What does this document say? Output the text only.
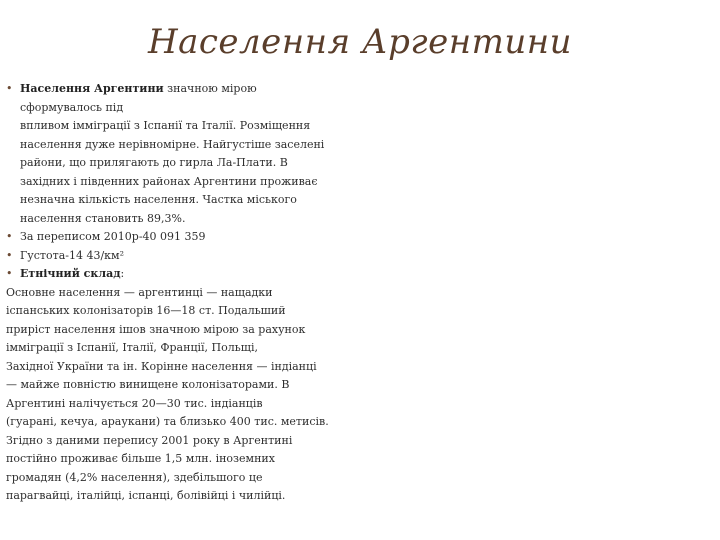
Населення Аргентини
• Населення Аргентини значною мірою
сформувалось під
впливом імміграції з Іспанії та Італії. Розміщення
населення дуже нерівномірне. Найгустіше заселені
райони, що прилягають до гирла Ла-Плати. В
західних і південних районах Аргентини проживає
незначна кількість населення. Частка міського
населення становить 89,3%.
• За переписом 2010р-40 091 359
• Густота-14 43/км²
• Етнічний склад:
Основне населення — аргентинці — нащадки
іспанських колонізаторів 16—18 ст. Подальший
приріст населення ішов значною мірою за рахунок
імміграції з Іспанії, Італії, Франції, Польщі,
Західної України та ін. Корінне населення — індіанці
— майже повністю винищене колонізаторами. В
Аргентині налічується 20—30 тис. індіанців
(гуарані, кечуа, араукани) та близько 400 тис. метисів.
Згідно з даними перепису 2001 року в Аргентині
постійно проживає більше 1,5 млн. іноземних
громадян (4,2% населення), здебільшого це
парагвайці, італійці, іспанці, болівійці і чилійці.
